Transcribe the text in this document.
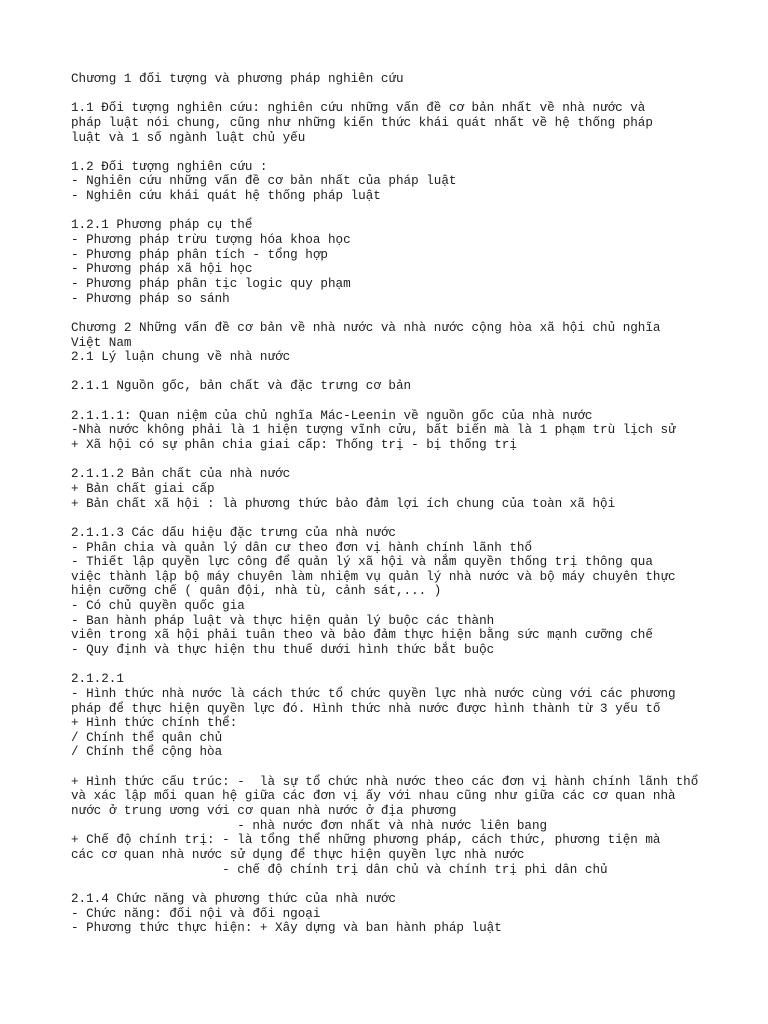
Chương 1 đối tượng và phương pháp nghiên cứu
1.1 Đối tượng nghiên cứu: nghiên cứu những vấn đề cơ bản nhất về nhà nước và
pháp luật nói chung, cũng như những kiến thức khái quát nhất về hệ thống pháp
luật và 1 số ngành luật chủ yếu
1.2 Đối tượng nghiên cứu :
- Nghiên cứu những vấn đề cơ bản nhất của pháp luật
- Nghiên cứu khái quát hệ thống pháp luật
1.2.1 Phương pháp cụ thể
- Phương pháp trừu tượng hóa khoa học
- Phương pháp phân tích - tổng hợp
- Phương pháp xã hội học
- Phương pháp phân tịc logic quy phạm
- Phương pháp so sánh
Chương 2 Những vấn đề cơ bản về nhà nước và nhà nước cộng hòa xã hội chủ nghĩa
Việt Nam
2.1 Lý luận chung về nhà nước
2.1.1 Nguồn gốc, bản chất và đặc trưng cơ bản
2.1.1.1: Quan niệm của chủ nghĩa Mác-Leenin về nguồn gốc của nhà nước
-Nhà nước không phải là 1 hiện tượng vĩnh cửu, bất biến mà là 1 phạm trù lịch sử
+ Xã hội có sự phân chia giai cấp: Thống trị - bị thống trị
2.1.1.2 Bản chất của nhà nước
+ Bản chất giai cấp
+ Bản chất xã hội : là phương thức bảo đảm lợi ích chung của toàn xã hội
2.1.1.3 Các dấu hiệu đặc trưng của nhà nước
- Phân chia và quản lý dân cư theo đơn vị hành chính lãnh thổ
- Thiết lập quyền lực công để quản lý xã hội và nắm quyền thống trị thông qua
việc thành lập bộ máy chuyên làm nhiệm vụ quản lý nhà nước và bộ máy chuyên thực
hiện cưỡng chế ( quân đội, nhà tù, cảnh sát,... )
- Có chủ quyền quốc gia
- Ban hành pháp luật và thực hiện quản lý buộc các thành
viên trong xã hội phải tuân theo và bảo đảm thực hiện bằng sức mạnh cưỡng chế
- Quy định và thực hiện thu thuế dưới hình thức bắt buộc
2.1.2.1
- Hình thức nhà nước là cách thức tổ chức quyền lực nhà nước cùng với các phương
pháp để thực hiện quyền lực đó. Hình thức nhà nước được hình thành từ 3 yếu tố
+ Hình thức chính thể:
/ Chính thể quân chủ
/ Chính thể cộng hòa
+ Hình thức cấu trúc: -  là sự tổ chức nhà nước theo các đơn vị hành chính lãnh thổ
và xác lập mối quan hệ giữa các đơn vị ấy với nhau cũng như giữa các cơ quan nhà
nước ở trung ương với cơ quan nhà nước ở địa phương
- nhà nước đơn nhất và nhà nước liên bang
+ Chế độ chính trị: - là tổng thể những phương pháp, cách thức, phương tiện mà
các cơ quan nhà nước sử dụng để thực hiện quyền lực nhà nước
- chế độ chính trị dân chủ và chính trị phi dân chủ
2.1.4 Chức năng và phương thức của nhà nước
- Chức năng: đối nội và đối ngoại
- Phương thức thực hiện: + Xây dựng và ban hành pháp luật
